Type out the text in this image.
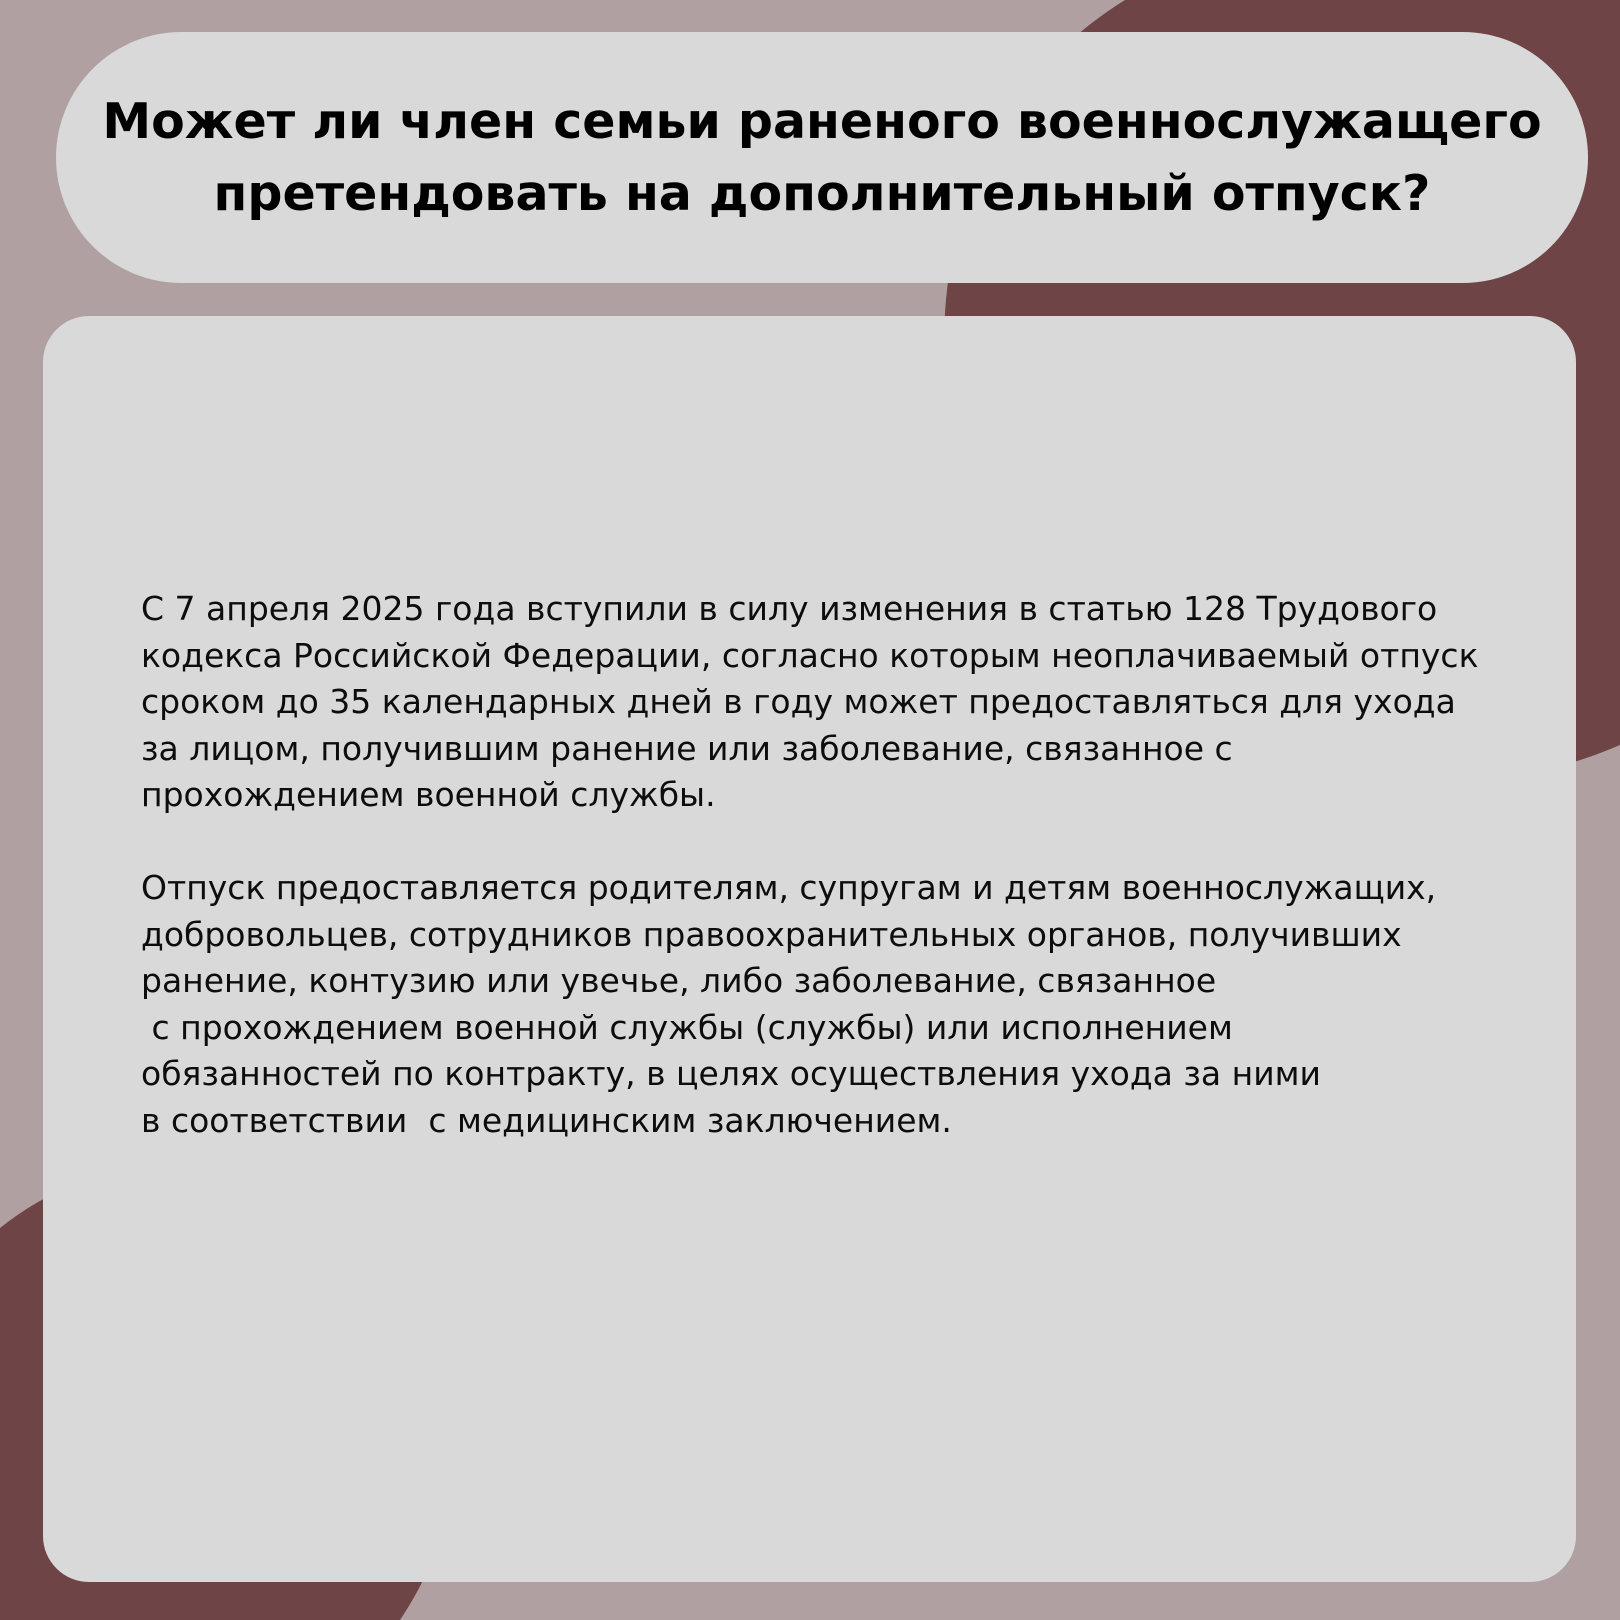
Может ли член семьи раненого военнослужащего
претендовать на дополнительный отпуск?

С 7 апреля 2025 года вступили в силу изменения в статью 128 Трудового
кодекса Российской Федерации, согласно которым неоплачиваемый отпуск
сроком до 35 календарных дней в году может предоставляться для ухода
за лицом, получившим ранение или заболевание, связанное с
прохождением военной службы.

Отпуск предоставляется родителям, супругам и детям военнослужащих,
добровольцев, сотрудников правоохранительных органов, получивших
ранение, контузию или увечье, либо заболевание, связанное
с прохождением военной службы (службы) или исполнением
обязанностей по контракту, в целях осуществления ухода за ними
в соответствии  с медицинским заключением.
